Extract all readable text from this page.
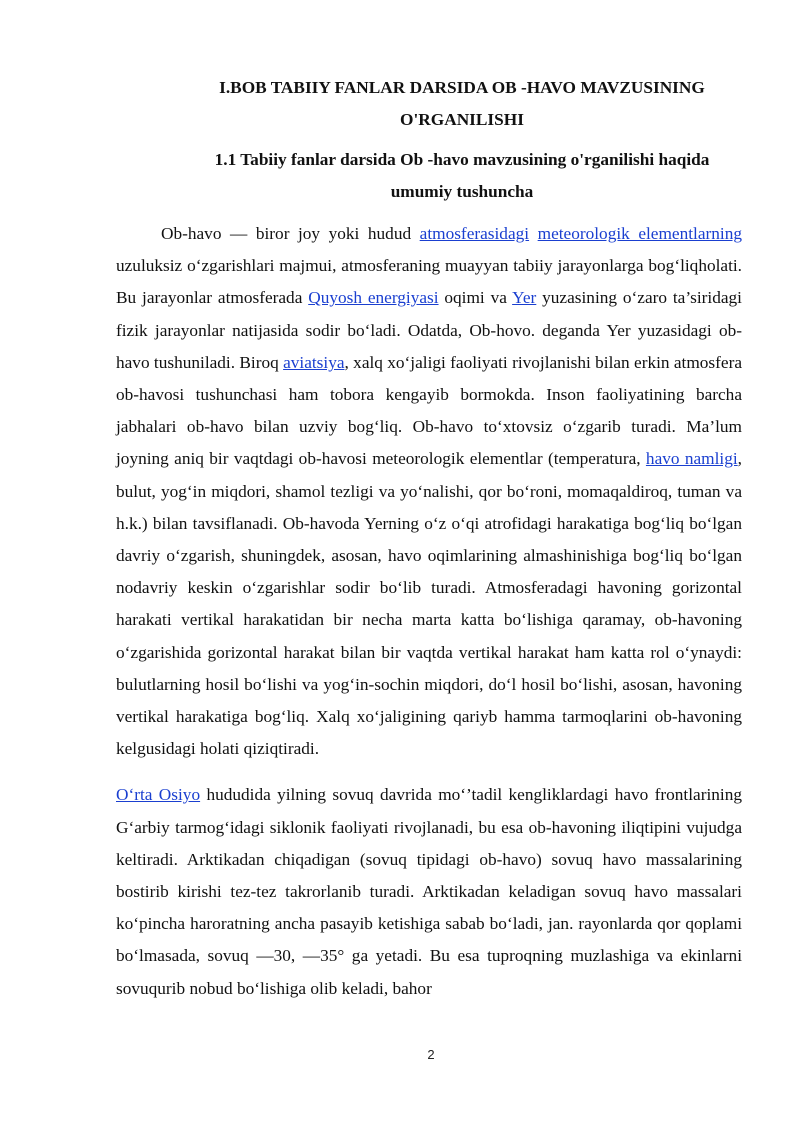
I.BOB TABIIY FANLAR DARSIDA OB -HAVO MAVZUSINING O'RGANILISHI
1.1 Tabiiy fanlar darsida Ob -havo mavzusining o'rganilishi haqida umumiy tushuncha

Ob-havo — biror joy yoki hudud atmosferasidagi meteorologik elementlarning uzuluksiz o‘zgarishlari majmui, atmosferaning muayyan tabiiy jarayonlarga bog‘liqholati. Bu jarayonlar atmosferada Quyosh energiyasi oqimi va Yer yuzasining o‘zaro ta’siridagi fizik jarayonlar natijasida sodir bo‘ladi. Odatda, Ob-hovo. deganda Yer yuzasidagi ob-havo tushuniladi. Biroq aviatsiya, xalq xo‘jaligi faoliyati rivojlanishi bilan erkin atmosfera ob-havosi tushunchasi ham tobora kengayib bormokda. Inson faoliyatining barcha jabhalari ob-havo bilan uzviy bog‘liq. Ob-havo to‘xtovsiz o‘zgarib turadi. Ma’lum joyning aniq bir vaqtdagi ob-havosi meteorologik elementlar (temperatura, havo namligi, bulut, yog‘in miqdori, shamol tezligi va yo‘nalishi, qor bo‘roni, momaqaldiroq, tuman va h.k.) bilan tavsiflanadi. Ob-havoda Yerning o‘z o‘qi atrofidagi harakatiga bog‘liq bo‘lgan davriy o‘zgarish, shuningdek, asosan, havo oqimlarining almashinishiga bog‘liq bo‘lgan nodavriy keskin o‘zgarishlar sodir bo‘lib turadi. Atmosferadagi havoning gorizontal harakati vertikal harakatidan bir necha marta katta bo‘lishiga qaramay, ob-havoning o‘zgarishida gorizontal harakat bilan bir vaqtda vertikal harakat ham katta rol o‘ynaydi: bulutlarning hosil bo‘lishi va yog‘in-sochin miqdori, do‘l hosil bo‘lishi, asosan, havoning vertikal harakatiga bog‘liq. Xalq xo‘jaligining qariyb hamma tarmoqlarini ob-havoning kelgusidagi holati qiziqtiradi.

O‘rta Osiyo hududida yilning sovuq davrida mo‘’tadil kengliklardagi havo frontlarining G‘arbiy tarmog‘idagi siklonik faoliyati rivojlanadi, bu esa ob-havoning iliqtipini vujudga keltiradi. Arktikadan chiqadigan (sovuq tipidagi ob-havo) sovuq havo massalarining bostirib kirishi tez-tez takrorlanib turadi. Arktikadan keladigan sovuq havo massalari ko‘pincha haroratning ancha pasayib ketishiga sabab bo‘ladi, jan. rayonlarda qor qoplami bo‘lmasada, sovuq —30, —35° ga yetadi. Bu esa tuproqning muzlashiga va ekinlarni sovuqurib nobud bo‘lishiga olib keladi, bahor

2
